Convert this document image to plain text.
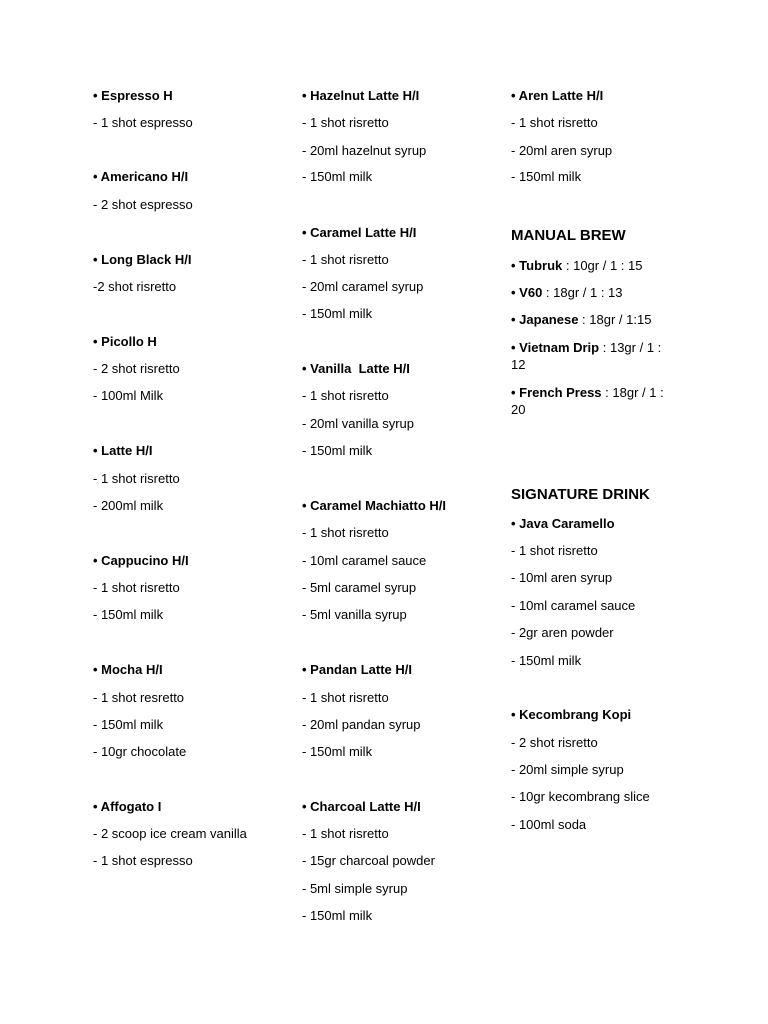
• Espresso H
- 1 shot espresso
• Americano H/I
- 2 shot espresso
• Long Black H/I
-2 shot risretto
• Picollo H
- 2 shot risretto
- 100ml Milk
• Latte H/I
- 1 shot risretto
- 200ml milk
• Cappucino H/I
- 1 shot risretto
- 150ml milk
• Mocha H/I
- 1 shot resretto
- 150ml milk
- 10gr chocolate
• Affogato I
- 2 scoop ice cream vanilla
- 1 shot espresso
• Hazelnut Latte H/I
- 1 shot risretto
- 20ml hazelnut syrup
- 150ml milk
• Caramel Latte H/I
- 1 shot risretto
- 20ml caramel syrup
- 150ml milk
• Vanilla  Latte H/I
- 1 shot risretto
- 20ml vanilla syrup
- 150ml milk
• Caramel Machiatto H/I
- 1 shot risretto
- 10ml caramel sauce
- 5ml caramel syrup
- 5ml vanilla syrup
• Pandan Latte H/I
- 1 shot risretto
- 20ml pandan syrup
- 150ml milk
• Charcoal Latte H/I
- 1 shot risretto
- 15gr charcoal powder
- 5ml simple syrup
- 150ml milk
• Aren Latte H/I
- 1 shot risretto
- 20ml aren syrup
- 150ml milk
MANUAL BREW
• Tubruk : 10gr / 1 : 15
• V60 : 18gr / 1 : 13
• Japanese : 18gr / 1:15
• Vietnam Drip : 13gr / 1 : 12
• French Press : 18gr / 1 : 20
SIGNATURE DRINK
• Java Caramello
- 1 shot risretto
- 10ml aren syrup
- 10ml caramel sauce
- 2gr aren powder
- 150ml milk
• Kecombrang Kopi
- 2 shot risretto
- 20ml simple syrup
- 10gr kecombrang slice
- 100ml soda
